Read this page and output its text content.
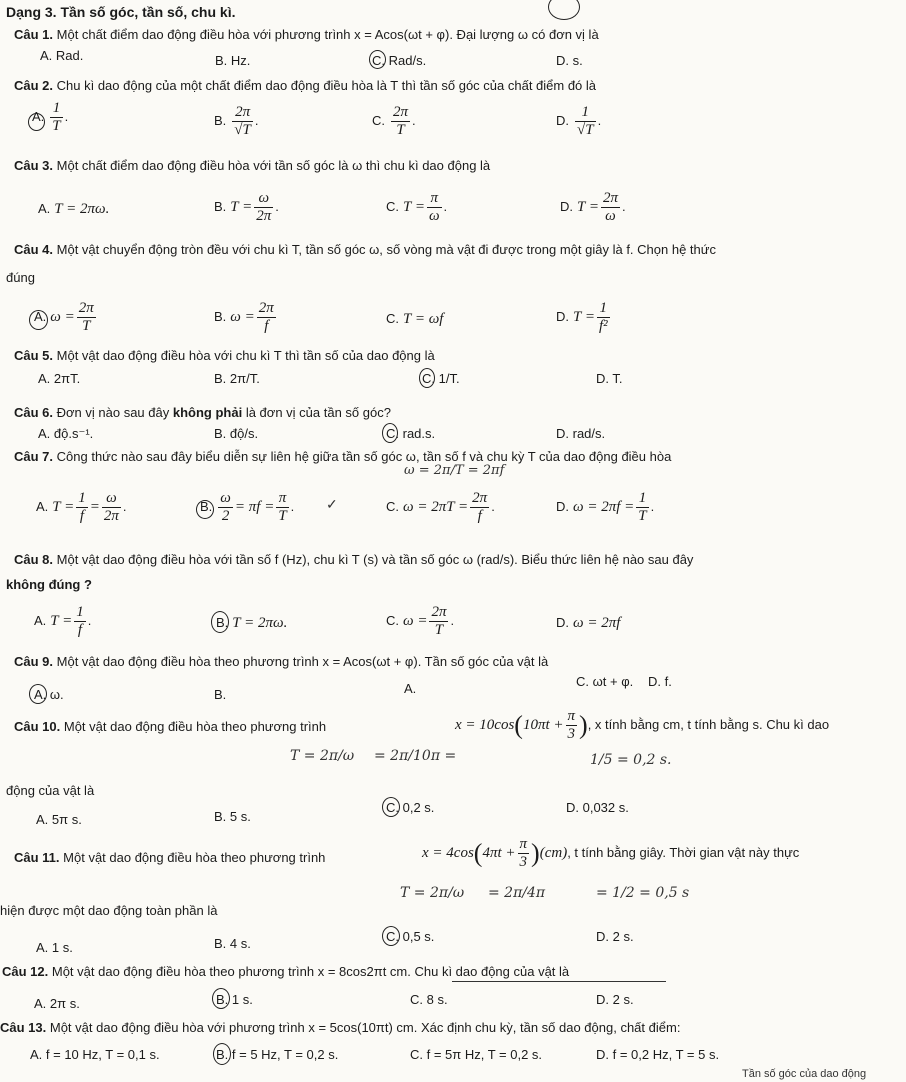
Dạng 3. Tần số góc, tần số, chu kì.
Câu 1. Một chất điểm dao động điều hòa với phương trình x = Acos(ωt + φ). Đại lượng ω có đơn vị là
A. Rad.	B. Hz.	C. Rad/s.	D. s.
Câu 2. Chu kì dao động của một chất điểm dao động điều hòa là T thì tần số góc của chất điểm đó là
A. $\frac{1}{T}$ .	B. $\frac{2\pi}{√T}$ .	C. $\frac{2\pi}{T}$ .	D. $\frac{1}{√T}$ .
Câu 3. Một chất điểm dao động điều hòa với tần số góc là ω thì chu kì dao động là
A. T = 2πω.	B. $T = \frac{\omega}{2\pi}$ .	C. $T = \frac{\pi}{\omega}$ .	D. $T = \frac{2\pi}{\omega}$ .
Câu 4. Một vật chuyển động tròn đều với chu kì T, tần số góc ω, số vòng mà vật đi được trong một giây là f. Chọn hệ thức
đúng
A. $\omega = \frac{2\pi}{T}$	B. $\omega = \frac{2\pi}{f}$	C. T = ωf	D. $T = \frac{1}{\text{f²}}$
Câu 5. Một vật dao động điều hòa với chu kì T thì tần số của dao động là
A. 2πT.	B. 2π/T.	C. 1/T.	D. T.
Câu 6. Đơn vị nào sau đây không phải là đơn vị của tần số góc?
A. độ.s⁻¹.	B. độ/s.	C. rad.s.	D. rad/s.
Câu 7. Công thức nào sau đây biểu diễn sự liên hệ giữa tần số góc ω, tần số f và chu kỳ T của dao động điều hòa
ω = 2π/T = 2πf
A. $T = \frac{1}{f} = \frac{\omega}{2\pi}$ .	B. $\frac{\omega}{2} = \pi f = \frac{\pi}{T}$ . ✓	C. $\omega = 2\pi T = \frac{2\pi}{f}$ .	D. $\omega = 2\pi f = \frac{1}{T}$ .
Câu 8. Một vật dao động điều hòa với tần số f (Hz), chu kì T (s) và tần số góc ω (rad/s). Biểu thức liên hệ nào sau đây
không đúng ?
A. $T = \frac{1}{f}$ .	B. T = 2πω.	C. $\omega = \frac{2\pi}{T}$ .	D. ω = 2πf
Câu 9. Một vật dao động điều hòa theo phương trình x = Acos(ωt + φ). Tần số góc của vật là
A. ω.	B.	A.	C. ωt + φ. D. f.
Câu 10. Một vật dao động điều hòa theo phương trình	$x = 10\cos(10\pi t + \frac{\pi}{3}$ ), x tính bằng cm, t tính bằng s. Chu kì dao
T = 2π/ω = 2π/10π =	1/5 = 0,2 s.
động của vật là
A. 5π s.	B. 5 s.
C. 0,2 s.	D. 0,032 s.
Câu 11. Một vật dao động điều hòa theo phương trình	$x = 4\cos(4\pi t + \frac{\pi}{3} )(cm)$, t tính bằng giây. Thời gian vật này thực
T = 2π/ω = 2π/4π	= 1/2 = 0,5 s
hiện được một dao động toàn phần là
A. 1 s.	B. 4 s.	C. 0,5 s.	D. 2 s.
Câu 12. Một vật dao động điều hòa theo phương trình x = 8cos2πt cm. Chu kì dao động của vật là
A. 2π s.	B. 1 s.	C. 8 s.	D. 2 s.
Câu 13. Một vật dao động điều hòa với phương trình x = 5cos(10πt) cm. Xác định chu kỳ, tần số dao động, chất điểm:
A. f = 10 Hz, T = 0,1 s.	B. f = 5 Hz, T = 0,2 s.	C. f = 5π Hz, T = 0,2 s.	D. f = 0,2 Hz, T = 5 s.
Tần số góc của dao động
